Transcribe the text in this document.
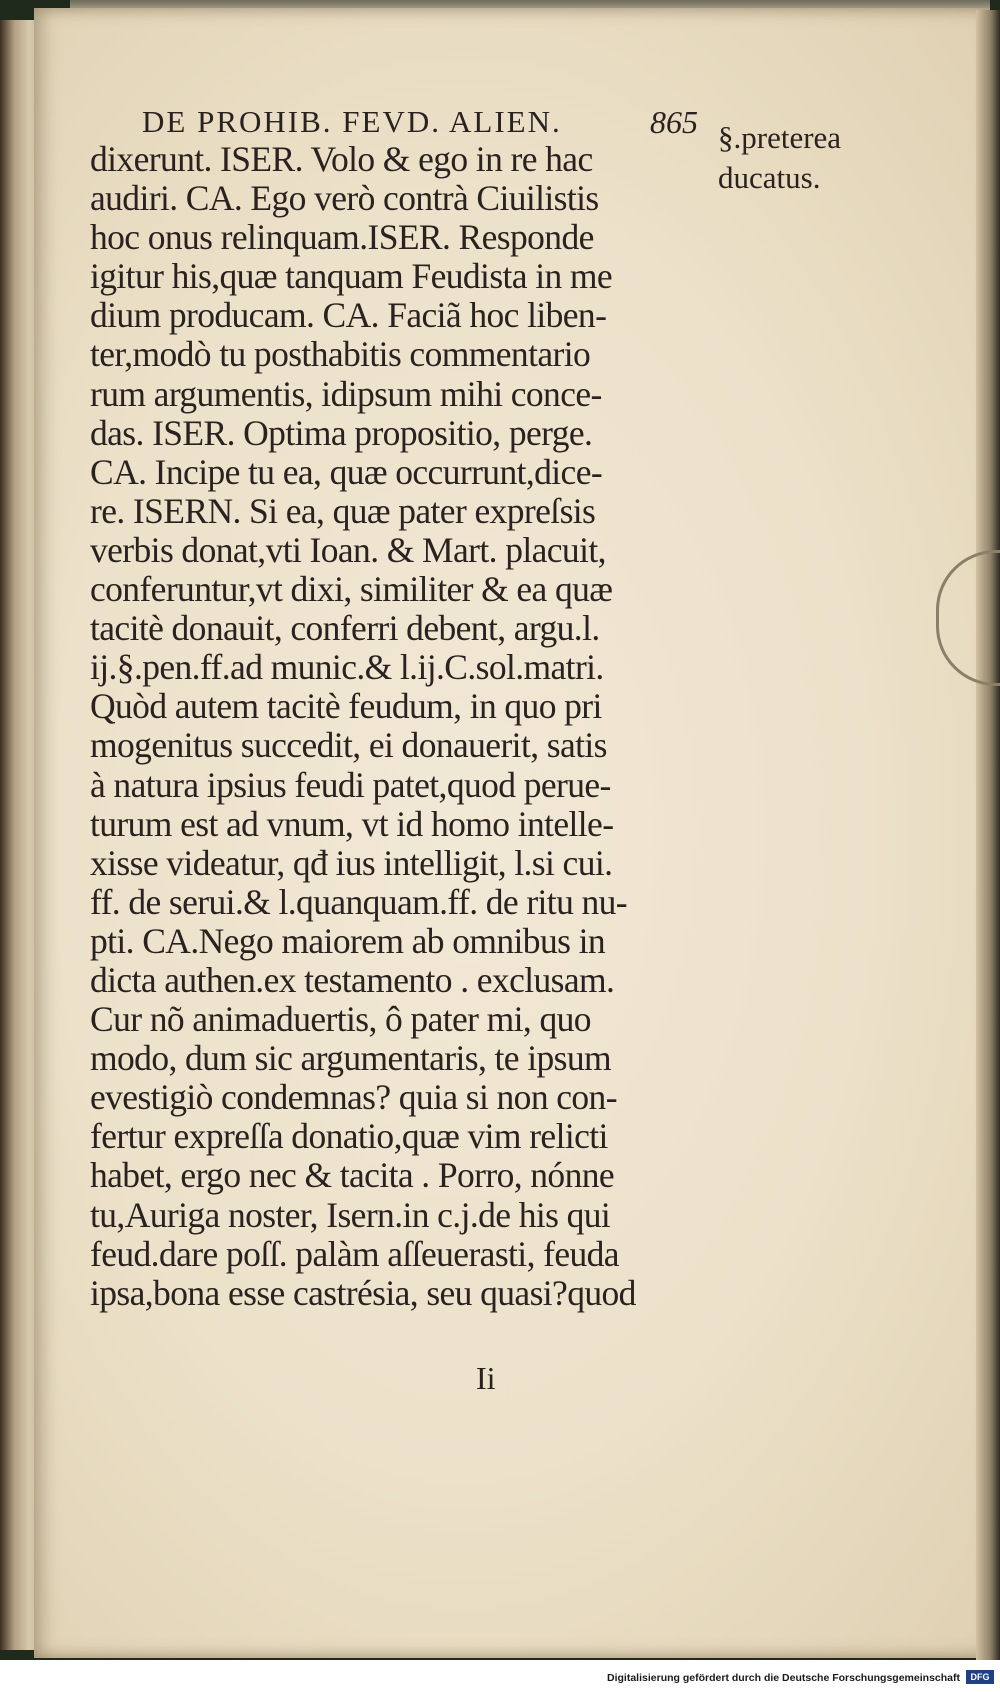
DE PROHIB. FEVD. ALIEN.	865 §.preterea
ducatus.
dixerunt. ISER. Volo & ego in re hac
audiri. CA. Ego verò contrà Ciuilistis
hoc onus relinquam.ISER. Responde
igitur his,quæ tanquam Feudista in me
dium producam. CA. Faciã hoc liben-
ter,modò tu posthabitis commentario
rum argumentis, idipsum mihi conce-
das. ISER. Optima propositio, perge.
CA. Incipe tu ea, quæ occurrunt,dice-
re. ISERN. Si ea, quæ pater expreſsis
verbis donat,vti Ioan. & Mart. placuit,
conferuntur,vt dixi, similiter & ea quæ
tacitè donauit, conferri debent, argu.l.
ij.§.pen.ff.ad munic.& l.ij.C.sol.matri.
Quòd autem tacitè feudum, in quo pri
mogenitus succedit, ei donauerit, satis
à natura ipsius feudi patet,quod perue-
turum est ad vnum, vt id homo intelle-
xisse videatur, qđ ius intelligit, l.si cui.
ff. de serui.& l.quanquam.ff. de ritu nu-
pti. CA.Nego maiorem ab omnibus in
dicta authen.ex testamento . exclusam.
Cur nõ animaduertis, ô pater mi, quo
modo, dum sic argumentaris, te ipsum
evestigiò condemnas? quia si non con-
fertur expreſſa donatio,quæ vim relicti
habet, ergo nec & tacita . Porro, nónne
tu,Auriga noster, Isern.in c.j.de his qui
feud.dare poſſ. palàm aſſeuerasti, feuda
ipsa,bona esse castrésia, seu quasi?quod
Ii
Digitalisierung gefördert durch die Deutsche Forschungsgemeinschaft	DFG
